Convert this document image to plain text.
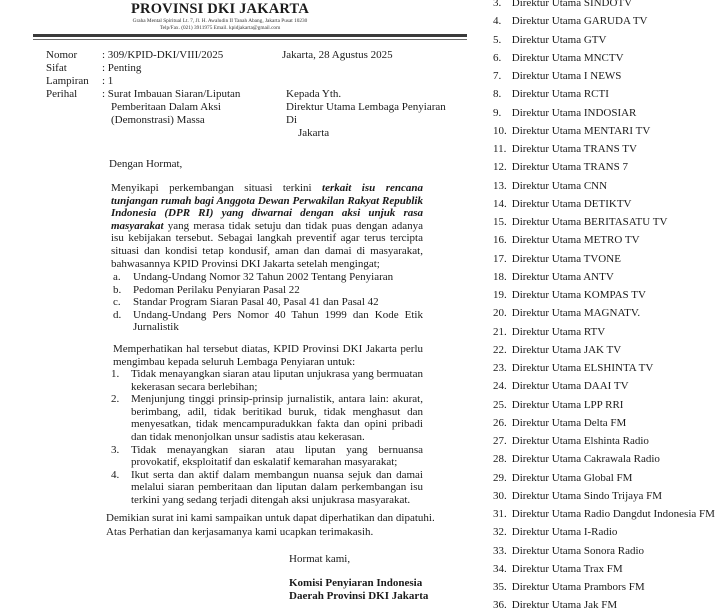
PROVINSI DKI JAKARTA
Graha Mental Spiritual Lt. 7, Jl. H. Awaludin II Tanah Abang, Jakarta Pusat 10230
Telp/Fax. (021) 3911975 Email. kpidjakarta@gmail.com
Nomor : 309/KPID-DKI/VIII/2025
Sifat	: Penting
Lampiran : 1
Perihal : Surat Imbauan Siaran/Liputan
Pemberitaan Dalam Aksi
(Demonstrasi) Massa
Jakarta, 28 Agustus 2025
Kepada Yth.
Direktur Utama Lembaga Penyiaran
Di
Jakarta
Dengan Hormat,
Menyikapi perkembangan situasi terkini terkait isu rencana tunjangan rumah bagi Anggota Dewan Perwakilan Rakyat Republik Indonesia (DPR RI) yang diwarnai dengan aksi unjuk rasa masyarakat yang merasa tidak setuju dan tidak puas dengan adanya isu kebijakan tersebut. Sebagai langkah preventif agar terus tercipta situasi dan kondisi tetap kondusif, aman dan damai di masyarakat, bahwasannya KPID Provinsi DKI Jakarta setelah mengingat;
a. Undang-Undang Nomor 32 Tahun 2002 Tentang Penyiaran
b. Pedoman Perilaku Penyiaran Pasal 22
c. Standar Program Siaran Pasal 40, Pasal 41 dan Pasal 42
d. Undang-Undang Pers Nomor 40 Tahun 1999 dan Kode Etik Jurnalistik
Memperhatikan hal tersebut diatas, KPID Provinsi DKI Jakarta perlu mengimbau kepada seluruh Lembaga Penyiaran untuk:
1. Tidak menayangkan siaran atau liputan unjukrasa yang bermuatan kekerasan secara berlebihan;
2. Menjunjung tinggi prinsip-prinsip jurnalistik, antara lain: akurat, berimbang, adil, tidak beritikad buruk, tidak menghasut dan menyesatkan, tidak mencampuradukkan fakta dan opini pribadi dan tidak menonjolkan unsur sadistis atau kekerasan.
3. Tidak menayangkan siaran atau liputan yang bernuansa provokatif, eksploitatif dan eskalatif kemarahan masyarakat;
4. Ikut serta dan aktif dalam membangun nuansa sejuk dan damai melalui siaran pemberitaan dan liputan dalam perkembangan isu terkini yang sedang terjadi ditengah aksi unjukrasa masyarakat.
Demikian surat ini kami sampaikan untuk dapat diperhatikan dan dipatuhi.
Atas Perhatian dan kerjasamanya kami ucapkan terimakasih.
Hormat kami,
Komisi Penyiaran Indonesia
Daerah Provinsi DKI Jakarta
3. Direktur Utama SINDOTV
4. Direktur Utama GARUDA TV
5. Direktur Utama GTV
6. Direktur Utama MNCTV
7. Direktur Utama I NEWS
8. Direktur Utama RCTI
9. Direktur Utama INDOSIAR
10. Direktur Utama MENTARI TV
11. Direktur Utama TRANS TV
12. Direktur Utama TRANS 7
13. Direktur Utama CNN
14. Direktur Utama DETIKTV
15. Direktur Utama BERITASATU TV
16. Direktur Utama METRO TV
17. Direktur Utama TVONE
18. Direktur Utama ANTV
19. Direktur Utama KOMPAS TV
20. Direktur Utama MAGNATV.
21. Direktur Utama RTV
22. Direktur Utama JAK TV
23. Direktur Utama ELSHINTA TV
24. Direktur Utama DAAI TV
25. Direktur Utama LPP RRI
26. Direktur Utama Delta FM
27. Direktur Utama Elshinta Radio
28. Direktur Utama Cakrawala Radio
29. Direktur Utama Global FM
30. Direktur Utama Sindo Trijaya FM
31. Direktur Utama Radio Dangdut Indonesia FM
32. Direktur Utama I-Radio
33. Direktur Utama Sonora Radio
34. Direktur Utama Trax FM
35. Direktur Utama Prambors FM
36. Direktur Utama Jak FM
